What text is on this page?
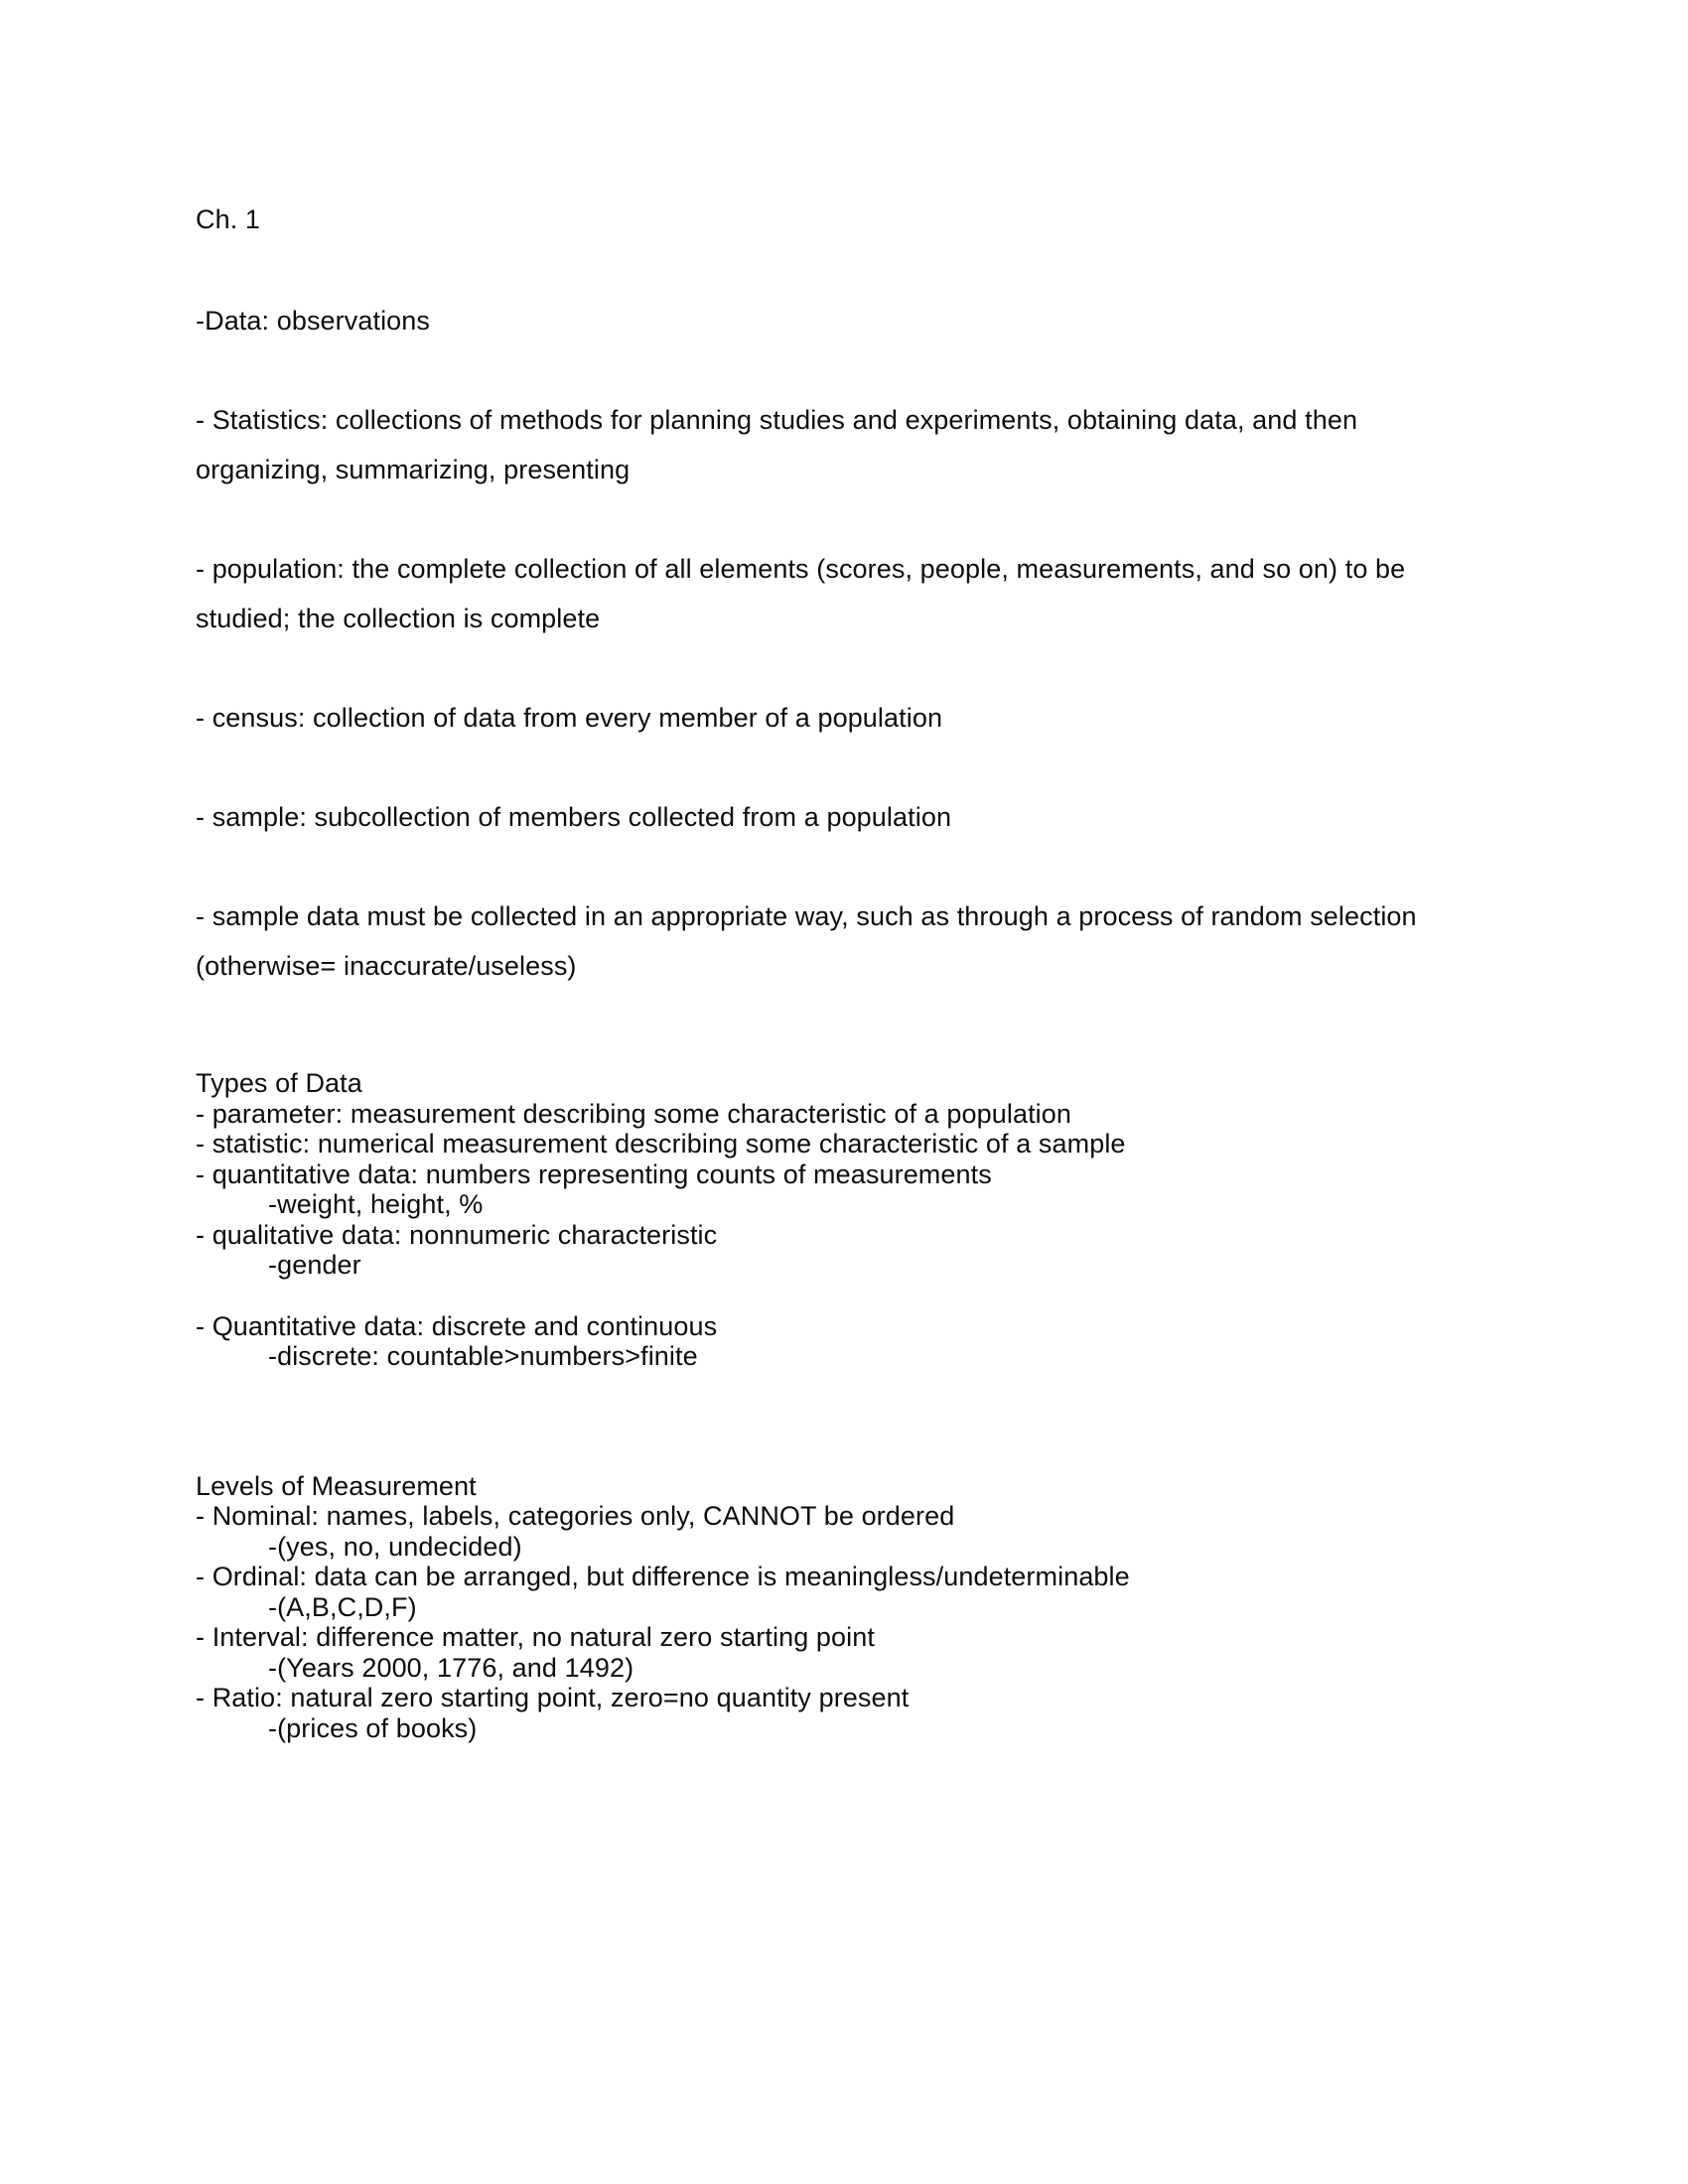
Ch. 1

-Data: observations

- Statistics: collections of methods for planning studies and experiments, obtaining data, and then organizing, summarizing, presenting

- population: the complete collection of all elements (scores, people, measurements, and so on) to be studied; the collection is complete

- census: collection of data from every member of a population

- sample: subcollection of members collected from a population

- sample data must be collected in an appropriate way, such as through a process of random selection (otherwise= inaccurate/useless)

Types of Data

- parameter: measurement describing some characteristic of a population

- statistic: numerical measurement describing some characteristic of a sample

- quantitative data: numbers representing counts of measurements

-weight, height, %

- qualitative data: nonnumeric characteristic

-gender

- Quantitative data: discrete and continuous

-discrete: countable>numbers>finite

Levels of Measurement

- Nominal: names, labels, categories only, CANNOT be ordered

-(yes, no, undecided)

- Ordinal: data can be arranged, but difference is meaningless/undeterminable

-(A,B,C,D,F)

- Interval: difference matter, no natural zero starting point

-(Years 2000, 1776, and 1492)

- Ratio: natural zero starting point, zero=no quantity present

-(prices of books)
